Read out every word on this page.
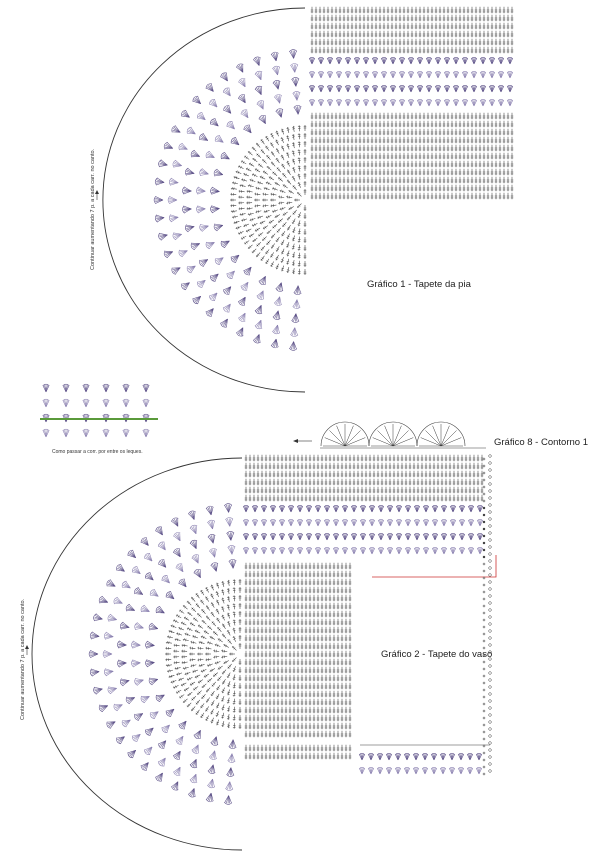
Gráfico 1 - Tapete da pia
Continuar aumentando 7 p. a cada carr. no canto.
Como passar a corr. por entre os leques.
Gráfico 8 - Contorno 1
Gráfico 2 - Tapete do vaso
Continuar aumentando 7 p. a cada carr. no canto.
